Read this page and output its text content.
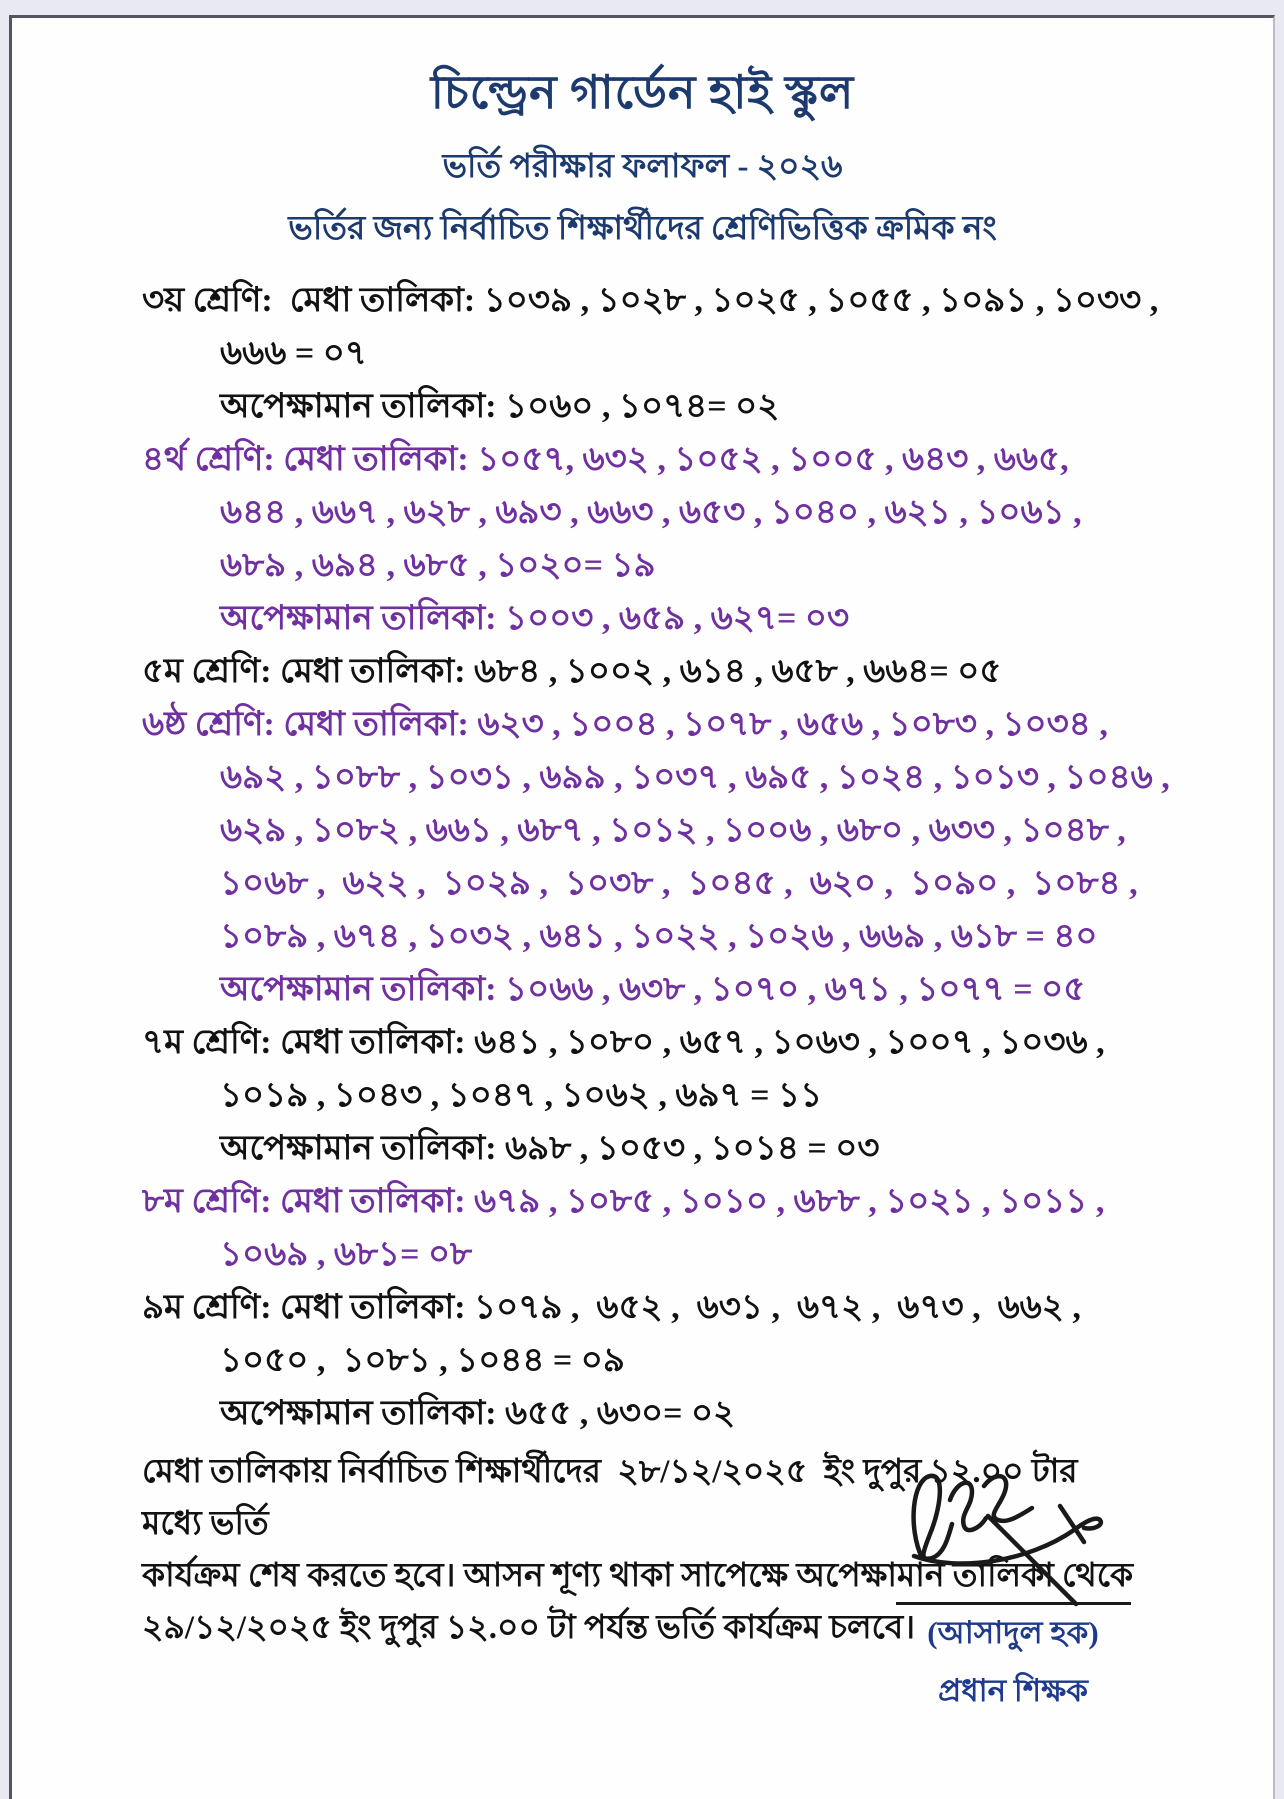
চিল্ড্রেন গার্ডেন হাই স্কুল
ভর্তি পরীক্ষার ফলাফল - ২০২৬
ভর্তির জন্য নির্বাচিত শিক্ষার্থীদের শ্রেণিভিত্তিক ক্রমিক নং
৩য় শ্রেণি:  মেধা তালিকা: ১০৩৯ , ১০২৮ , ১০২৫ , ১০৫৫ , ১০৯১ , ১০৩৩ ,
৬৬৬ = ০৭
অপেক্ষামান তালিকা: ১০৬০ , ১০৭৪= ০২
৪র্থ শ্রেণি: মেধা তালিকা: ১০৫৭, ৬৩২ , ১০৫২ , ১০০৫ , ৬৪৩ , ৬৬৫,
৬৪৪ , ৬৬৭ , ৬২৮ , ৬৯৩ , ৬৬৩ , ৬৫৩ , ১০৪০ , ৬২১ , ১০৬১ ,
৬৮৯ , ৬৯৪ , ৬৮৫ , ১০২০= ১৯
অপেক্ষামান তালিকা: ১০০৩ , ৬৫৯ , ৬২৭= ০৩
৫ম শ্রেণি: মেধা তালিকা: ৬৮৪ , ১০০২ , ৬১৪ , ৬৫৮ , ৬৬৪= ০৫
৬ষ্ঠ শ্রেণি: মেধা তালিকা: ৬২৩ , ১০০৪ , ১০৭৮ , ৬৫৬ , ১০৮৩ , ১০৩৪ ,
৬৯২ , ১০৮৮ , ১০৩১ , ৬৯৯ , ১০৩৭ , ৬৯৫ , ১০২৪ , ১০১৩ , ১০৪৬ ,
৬২৯ , ১০৮২ , ৬৬১ , ৬৮৭ , ১০১২ , ১০০৬ , ৬৮০ , ৬৩৩ , ১০৪৮ ,
১০৬৮ ,  ৬২২ ,  ১০২৯ ,  ১০৩৮ ,  ১০৪৫ ,  ৬২০ ,  ১০৯০ ,  ১০৮৪ ,
১০৮৯ , ৬৭৪ , ১০৩২ , ৬৪১ , ১০২২ , ১০২৬ , ৬৬৯ , ৬১৮ = ৪০
অপেক্ষামান তালিকা: ১০৬৬ , ৬৩৮ , ১০৭০ , ৬৭১ , ১০৭৭ = ০৫
৭ম শ্রেণি: মেধা তালিকা: ৬৪১ , ১০৮০ , ৬৫৭ , ১০৬৩ , ১০০৭ , ১০৩৬ ,
১০১৯ , ১০৪৩ , ১০৪৭ , ১০৬২ , ৬৯৭ = ১১
অপেক্ষামান তালিকা: ৬৯৮ , ১০৫৩ , ১০১৪ = ০৩
৮ম শ্রেণি: মেধা তালিকা: ৬৭৯ , ১০৮৫ , ১০১০ , ৬৮৮ , ১০২১ , ১০১১ ,
১০৬৯ , ৬৮১= ০৮
৯ম শ্রেণি: মেধা তালিকা: ১০৭৯ ,  ৬৫২ ,  ৬৩১ ,  ৬৭২ ,  ৬৭৩ ,  ৬৬২ ,
১০৫০ ,  ১০৮১ , ১০৪৪ = ০৯
অপেক্ষামান তালিকা: ৬৫৫ , ৬৩০= ০২
মেধা তালিকায় নির্বাচিত শিক্ষার্থীদের  ২৮/১২/২০২৫  ইং দুপুর ১২.০০ টার মধ্যে ভর্তি
কার্যক্রম শেষ করতে হবে। আসন শূণ্য থাকা সাপেক্ষে অপেক্ষামান তালিকা থেকে
২৯/১২/২০২৫ ইং দুপুর ১২.০০ টা পর্যন্ত ভর্তি কার্যক্রম চলবে। (আসাদুল হক)

প্রধান শিক্ষক
